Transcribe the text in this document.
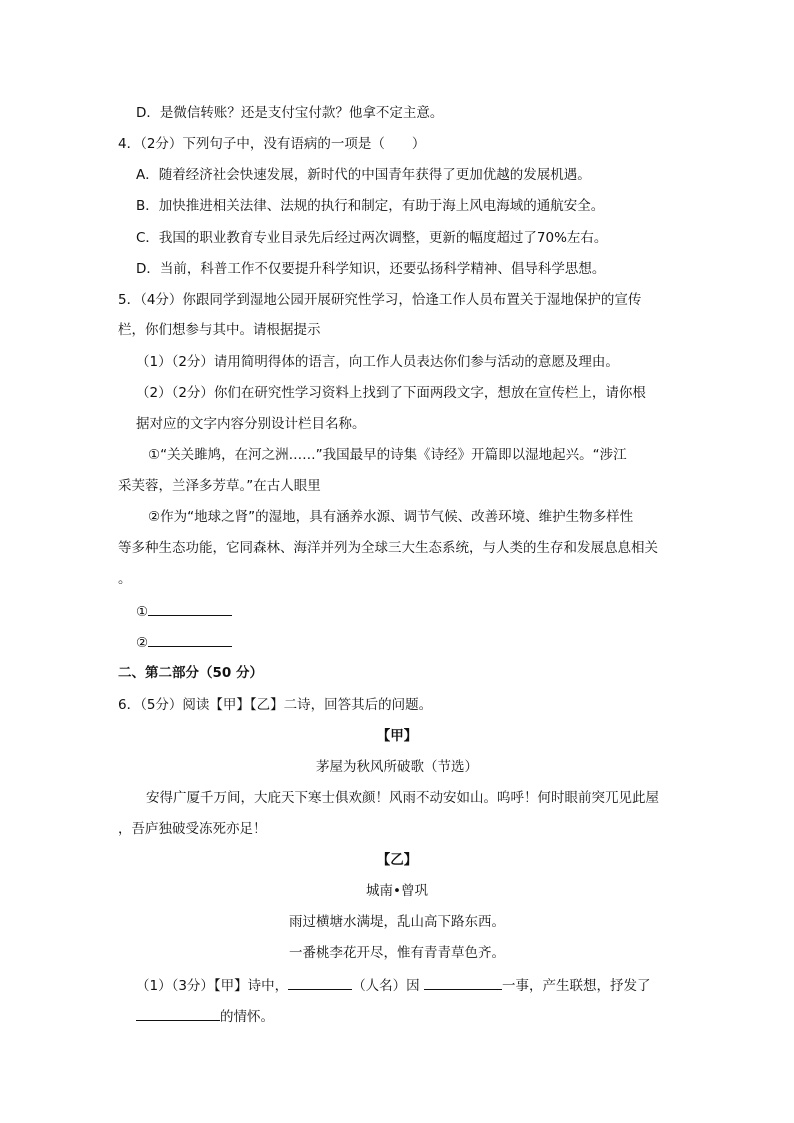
D．是微信转账？还是支付宝付款？他拿不定主意。
4．（2分）下列句子中，没有语病的一项是（　　）
A．随着经济社会快速发展，新时代的中国青年获得了更加优越的发展机遇。
B．加快推进相关法律、法规的执行和制定，有助于海上风电海域的通航安全。
C．我国的职业教育专业目录先后经过两次调整，更新的幅度超过了70%左右。
D．当前，科普工作不仅要提升科学知识，还要弘扬科学精神、倡导科学思想。
5．（4分）你跟同学到湿地公园开展研究性学习，恰逢工作人员布置关于湿地保护的宣传
栏，你们想参与其中。请根据提示
（1）（2分）请用简明得体的语言，向工作人员表达你们参与活动的意愿及理由。
（2）（2分）你们在研究性学习资料上找到了下面两段文字，想放在宣传栏上，请你根
据对应的文字内容分别设计栏目名称。
①“关关雎鸠，在河之洲……”我国最早的诗集《诗经》开篇即以湿地起兴。“涉江
采芙蓉，兰泽多芳草。”在古人眼里
②作为“地球之肾”的湿地，具有涵养水源、调节气候、改善环境、维护生物多样性
等多种生态功能，它同森林、海洋并列为全球三大生态系统，与人类的生存和发展息息相关
。
①
②
二、第二部分（50 分）
6．（5分）阅读【甲】【乙】二诗，回答其后的问题。
【甲】
茅屋为秋风所破歌（节选）
安得广厦千万间，大庇天下寒士俱欢颜！风雨不动安如山。呜呼！何时眼前突兀见此屋
，吾庐独破受冻死亦足！
【乙】
城南•曾巩
雨过横塘水满堤，乱山高下路东西。
一番桃李花开尽，惟有青青草色齐。
（1）（3分）【甲】诗中，	（人名）因	一事，产生联想，抒发了
的情怀。
